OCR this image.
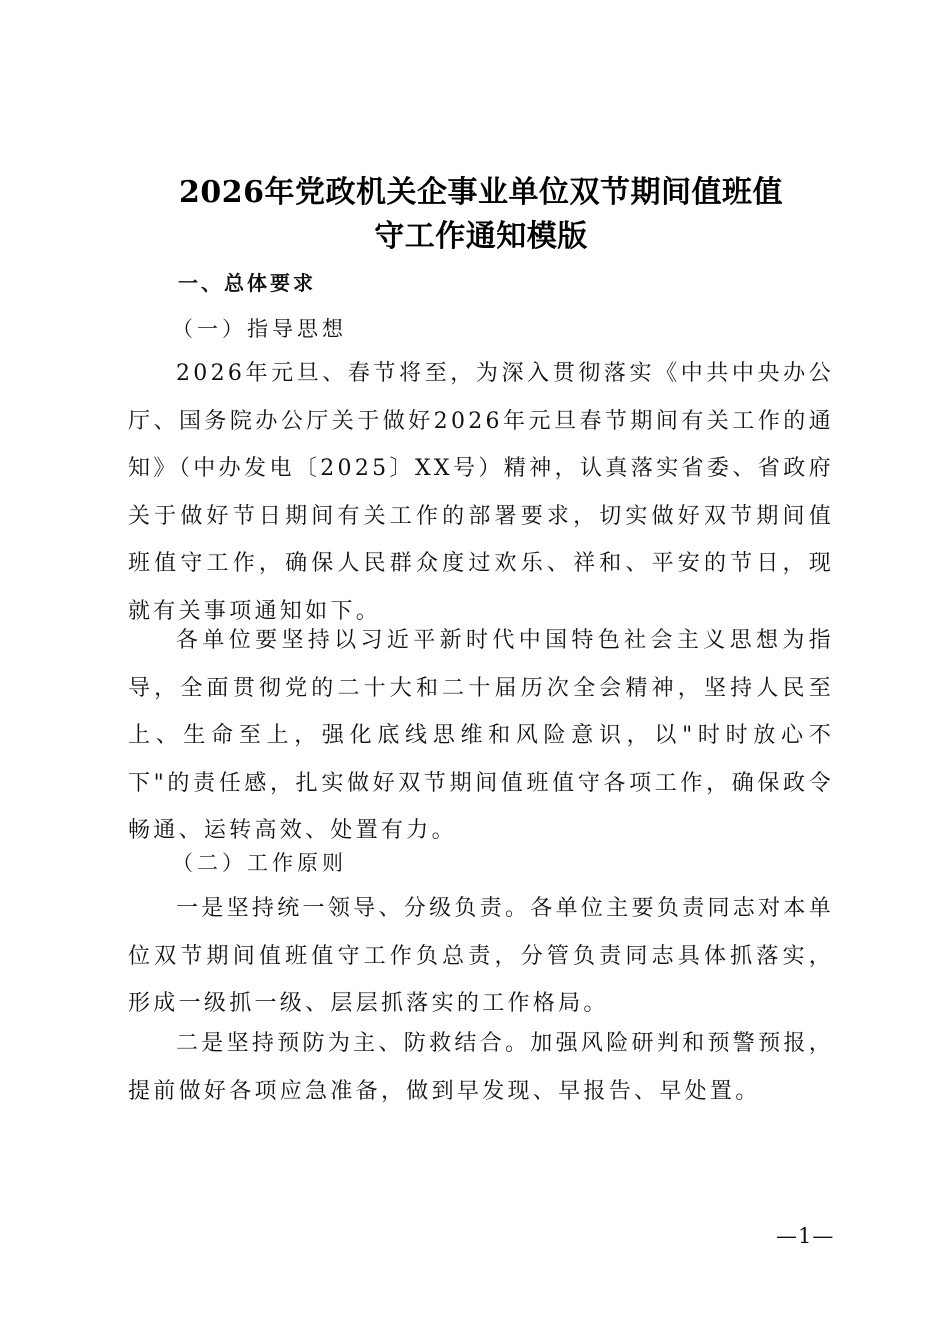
2026年党政机关企事业单位双节期间值班值
守工作通知模版
一、总体要求
（一）指导思想
2026年元旦、春节将至，为深入贯彻落实《中共中央办公厅、国务院办公厅关于做好2026年元旦春节期间有关工作的通知》（中办发电〔2025〕XX号）精神，认真落实省委、省政府关于做好节日期间有关工作的部署要求，切实做好双节期间值班值守工作，确保人民群众度过欢乐、祥和、平安的节日，现就有关事项通知如下。
各单位要坚持以习近平新时代中国特色社会主义思想为指导，全面贯彻党的二十大和二十届历次全会精神，坚持人民至上、生命至上，强化底线思维和风险意识，以"时时放心不下"的责任感，扎实做好双节期间值班值守各项工作，确保政令畅通、运转高效、处置有力。
（二）工作原则
一是坚持统一领导、分级负责。各单位主要负责同志对本单位双节期间值班值守工作负总责，分管负责同志具体抓落实，形成一级抓一级、层层抓落实的工作格局。
二是坚持预防为主、防救结合。加强风险研判和预警预报，提前做好各项应急准备，做到早发现、早报告、早处置。
—1—
